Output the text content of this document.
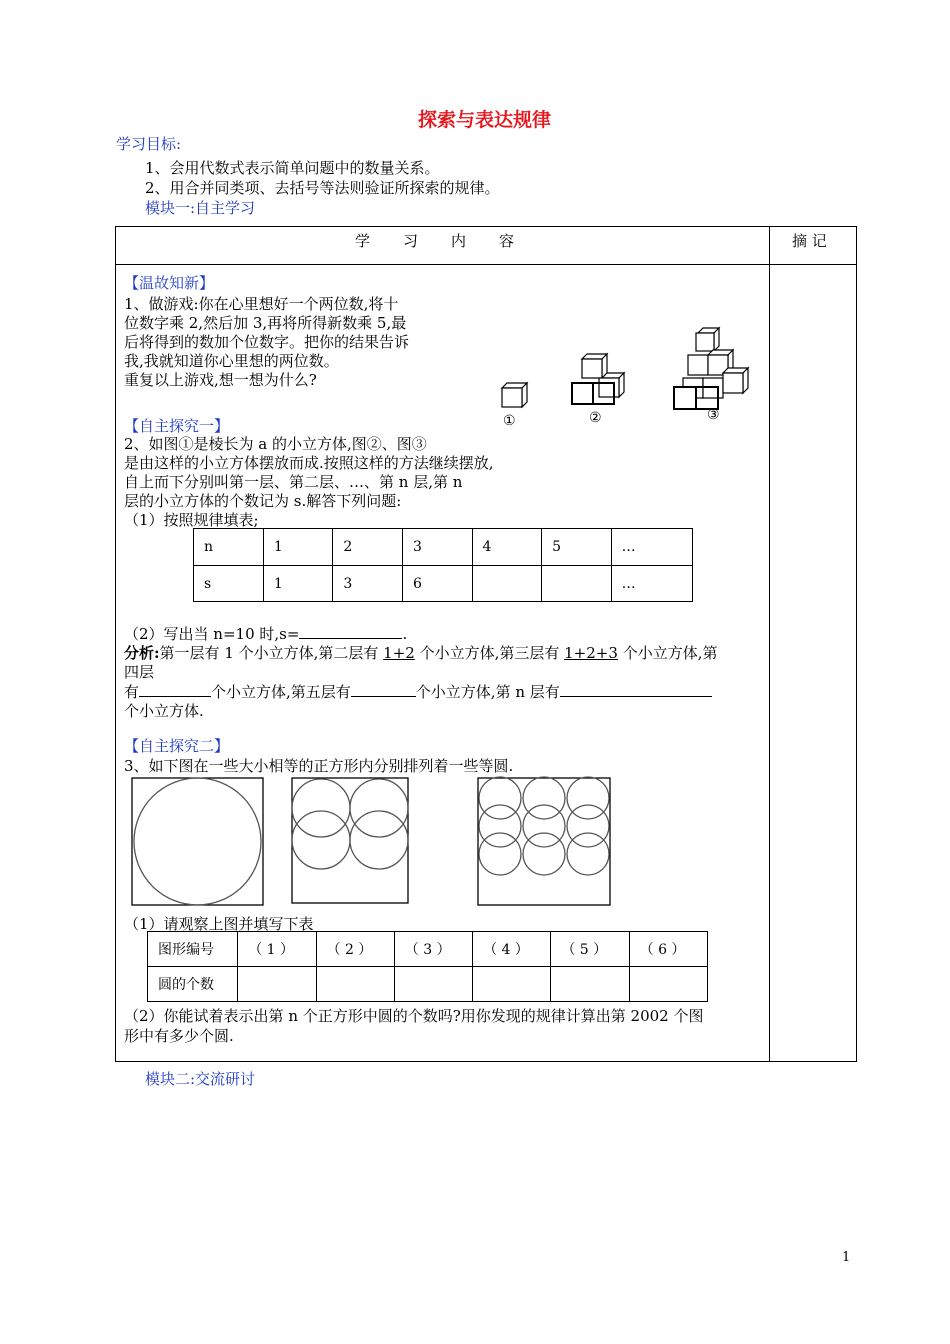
探索与表达规律
学习目标:
1、会用代数式表示简单问题中的数量关系。
2、用合并同类项、去括号等法则验证所探索的规律。
模块一:自主学习
学　　习　　内　　容	摘 记
【温故知新】
1、做游戏:你在心里想好一个两位数,将十
位数字乘 2,然后加 3,再将所得新数乘 5,最
后将得到的数加个位数字。把你的结果告诉
我,我就知道你心里想的两位数。
重复以上游戏,想一想为什么?
①	②	③
【自主探究一】
2、如图①是棱长为 a 的小立方体,图②、图③
是由这样的小立方体摆放而成.按照这样的方法继续摆放,
自上而下分别叫第一层、第二层、…、第 n 层,第 n
层的小立方体的个数记为 s.解答下列问题:
（1）按照规律填表;
n	1	2	3	4	5	…
s	1	3	6			…
（2）写出当 n=10 时,s=	.
分析:第一层有 1 个小立方体,第二层有 1+2 个小立方体,第三层有 1+2+3 个小立方体,第
四层
有	个小立方体,第五层有	个小立方体,第 n 层有
个小立方体.
【自主探究二】
3、如下图在一些大小相等的正方形内分别排列着一些等圆.
（1）请观察上图并填写下表
图形编号	（ 1 ）	（ 2 ）	（ 3 ）	（ 4 ）	（ 5 ）	（ 6 ）
圆的个数						
（2）你能试着表示出第 n 个正方形中圆的个数吗?用你发现的规律计算出第 2002 个图
形中有多少个圆.
模块二:交流研讨
1
